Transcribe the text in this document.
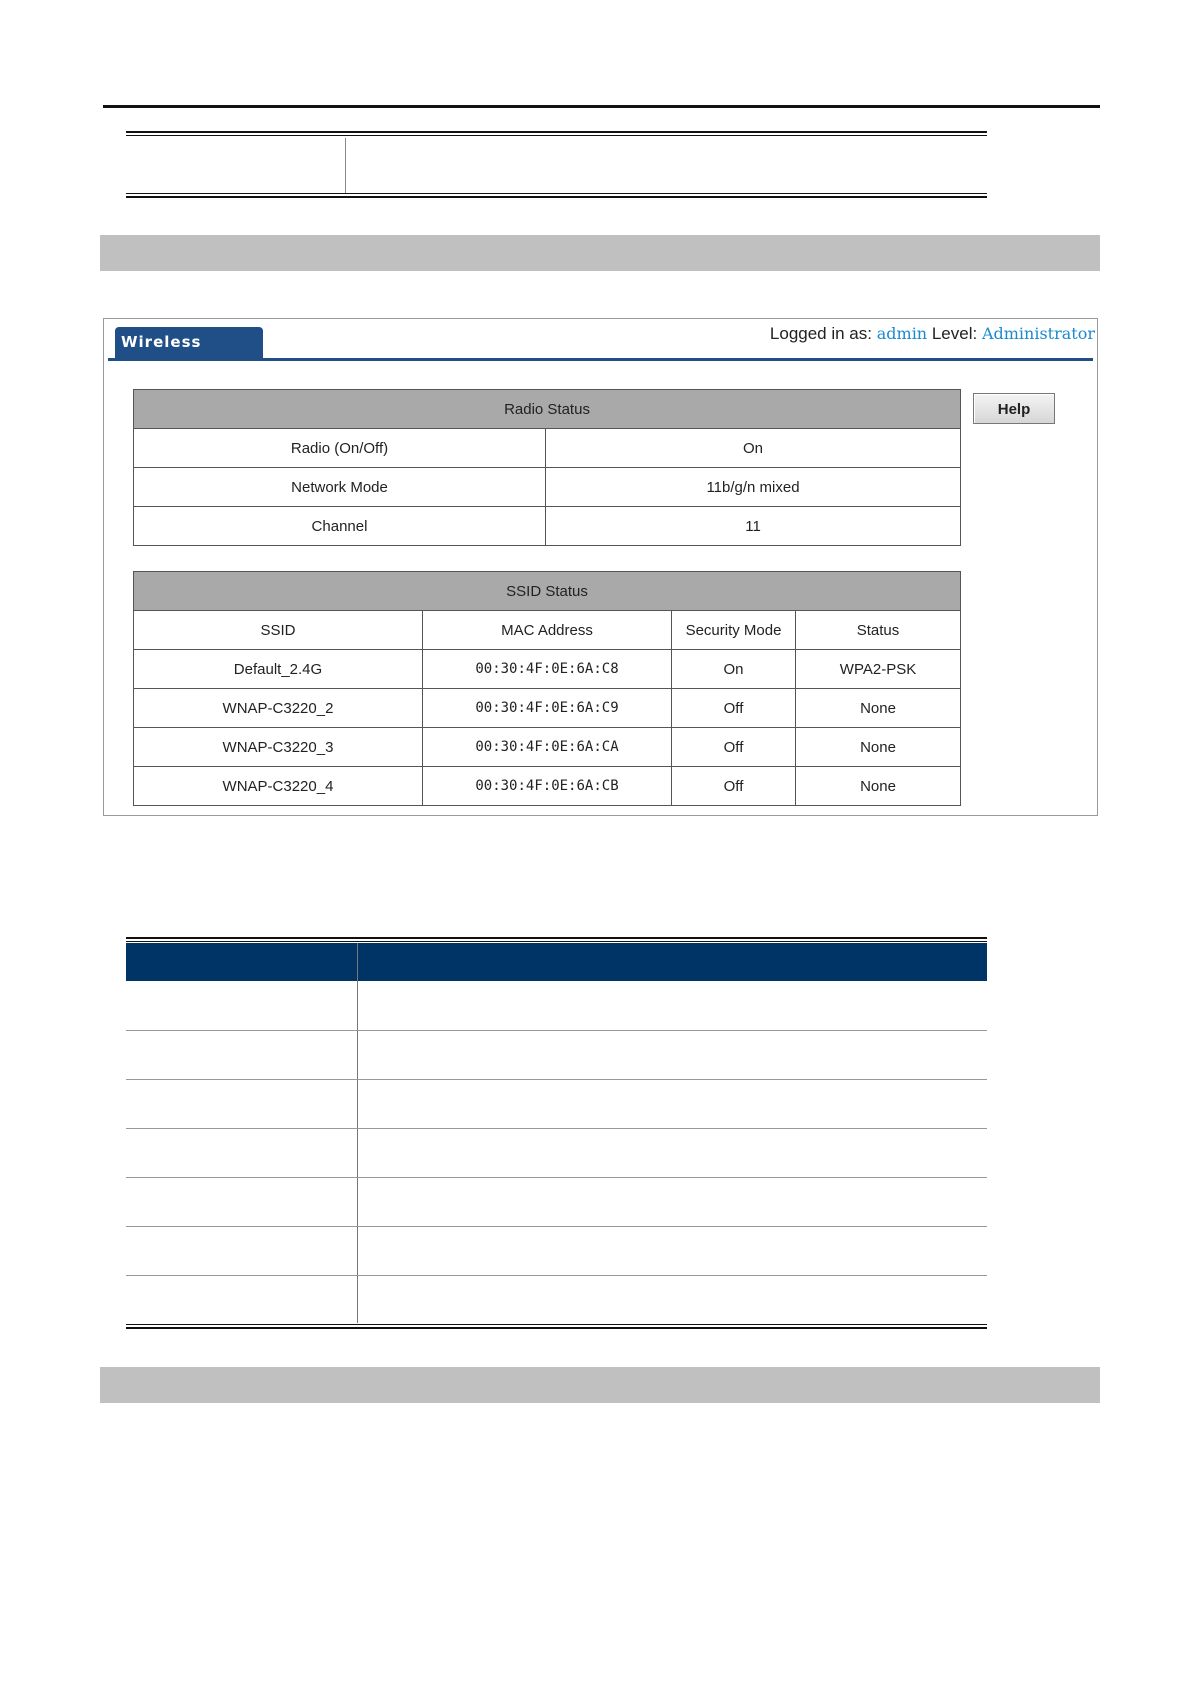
Wireless Status
Logged in as: admin Level: Administrator
Radio Status	
Radio (On/Off)	On
Network Mode	11b/g/n mixed
Channel	11
Help
SSID Status			
SSID	MAC Address	Security Mode	Status
Default_2.4G	00:30:4F:0E:6A:C8	On	WPA2-PSK
WNAP-C3220_2	00:30:4F:0E:6A:C9	Off	None
WNAP-C3220_3	00:30:4F:0E:6A:CA	Off	None
WNAP-C3220_4	00:30:4F:0E:6A:CB	Off	None
